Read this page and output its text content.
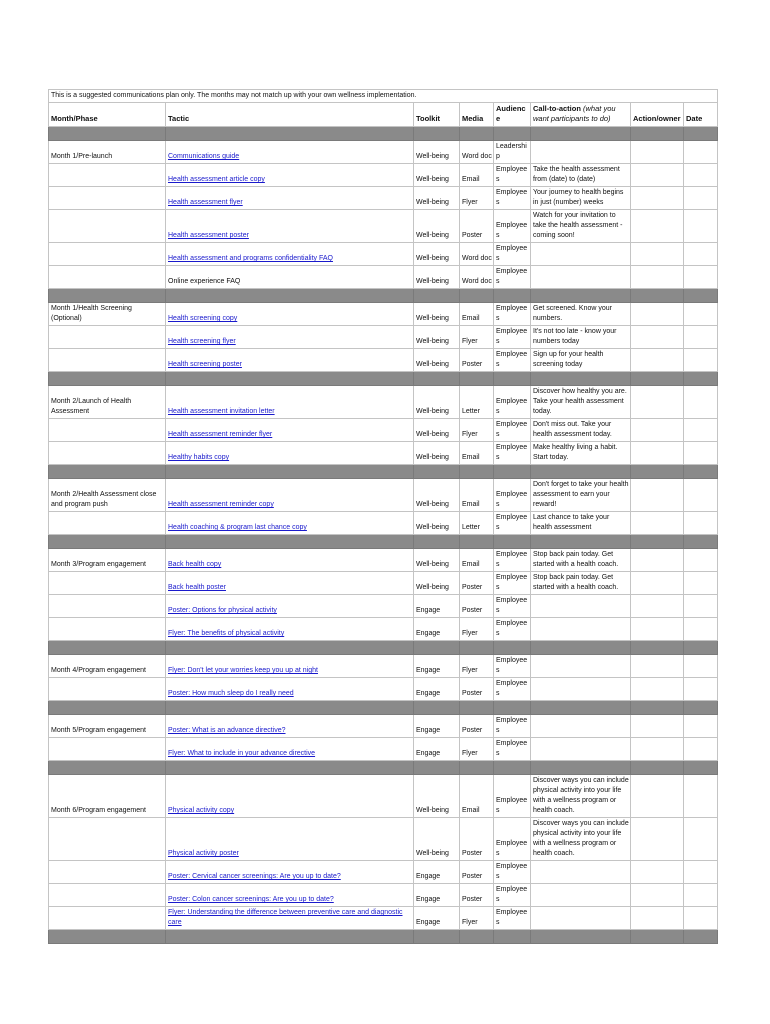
This is a suggested communications plan only. The months may not match up with your own wellness implementation.							
Month/Phase	Tactic	Toolkit	Media	Audience	Call-to-action (what you want participants to do)	Action/owner	Date

Month 1/Pre-launch	Communications guide	Well-being	Word doc	Leadership			
	Health assessment article copy	Well-being	Email	Employees	Take the health assessment from (date) to (date)		
	Health assessment flyer	Well-being	Flyer	Employees	Your journey to health begins in just (number) weeks		
	Health assessment poster	Well-being	Poster	Employees	Watch for your invitation to take the health assessment - coming soon!		
	Health assessment and programs confidentiality FAQ	Well-being	Word doc	Employees			
	Online experience FAQ	Well-being	Word doc	Employees			

Month 1/Health Screening (Optional)	Health screening copy	Well-being	Email	Employees	Get screened. Know your numbers.		
	Health screening flyer	Well-being	Flyer	Employees	It's not too late - know your numbers today		
	Health screening poster	Well-being	Poster	Employees	Sign up for your health screening today		

Month 2/Launch of Health Assessment	Health assessment invitation letter	Well-being	Letter	Employees	Discover how healthy you are. Take your health assessment today.		
	Health assessment reminder flyer	Well-being	Flyer	Employees	Don't miss out. Take your health assessment today.		
	Healthy habits copy	Well-being	Email	Employees	Make healthy living a habit. Start today.		

Month 2/Health Assessment close and program push	Health assessment reminder copy	Well-being	Email	Employees	Don't forget to take your health assessment to earn your reward!		
	Health coaching & program last chance copy	Well-being	Letter	Employees	Last chance to take your health assessment		

Month 3/Program engagement	Back health copy	Well-being	Email	Employees	Stop back pain today. Get started with a health coach.		
	Back health poster	Well-being	Poster	Employees	Stop back pain today. Get started with a health coach.		
	Poster: Options for physical activity	Engage	Poster	Employees			
	Flyer: The benefits of physical activity	Engage	Flyer	Employees			

Month 4/Program engagement	Flyer: Don't let your worries keep you up at night	Engage	Flyer	Employees			
	Poster: How much sleep do I really need	Engage	Poster	Employees			

Month 5/Program engagement	Poster: What is an advance directive?	Engage	Poster	Employees			
	Flyer: What to include in your advance directive	Engage	Flyer	Employees			

Month 6/Program engagement	Physical activity copy	Well-being	Email	Employees	Discover ways you can include physical activity into your life with a wellness program or health coach.		
	Physical activity poster	Well-being	Poster	Employees	Discover ways you can include physical activity into your life with a wellness program or health coach.		
	Poster: Cervical cancer screenings: Are you up to date?	Engage	Poster	Employees			
	Poster: Colon cancer screenings: Are you up to date?	Engage	Poster	Employees			
	Flyer: Understanding the difference between preventive care and diagnostic care	Engage	Flyer	Employees			
